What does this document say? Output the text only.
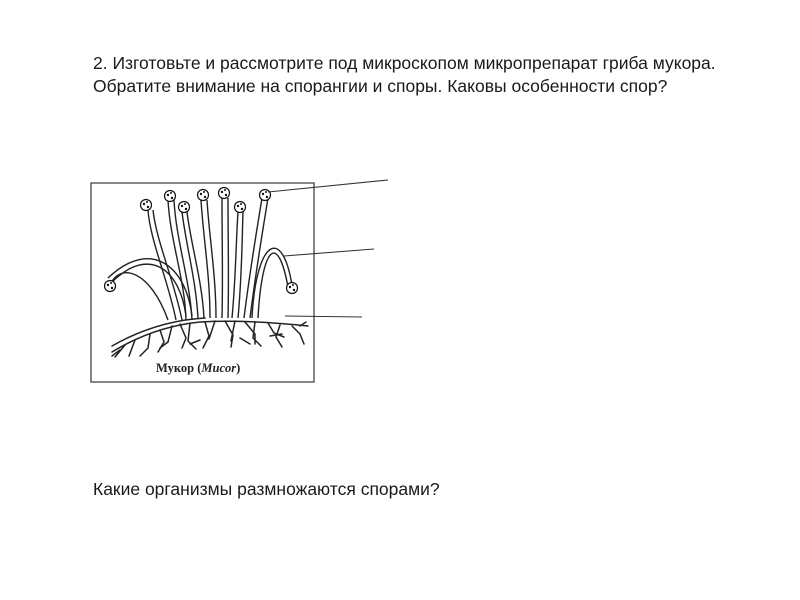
2. Изготовьте и рассмотрите под микроскопом микропрепарат гриба мукора. Обратите внимание на спорангии и споры. Каковы особенности спор?

Мукор (Mucor)

Какие организмы размножаются спорами?
